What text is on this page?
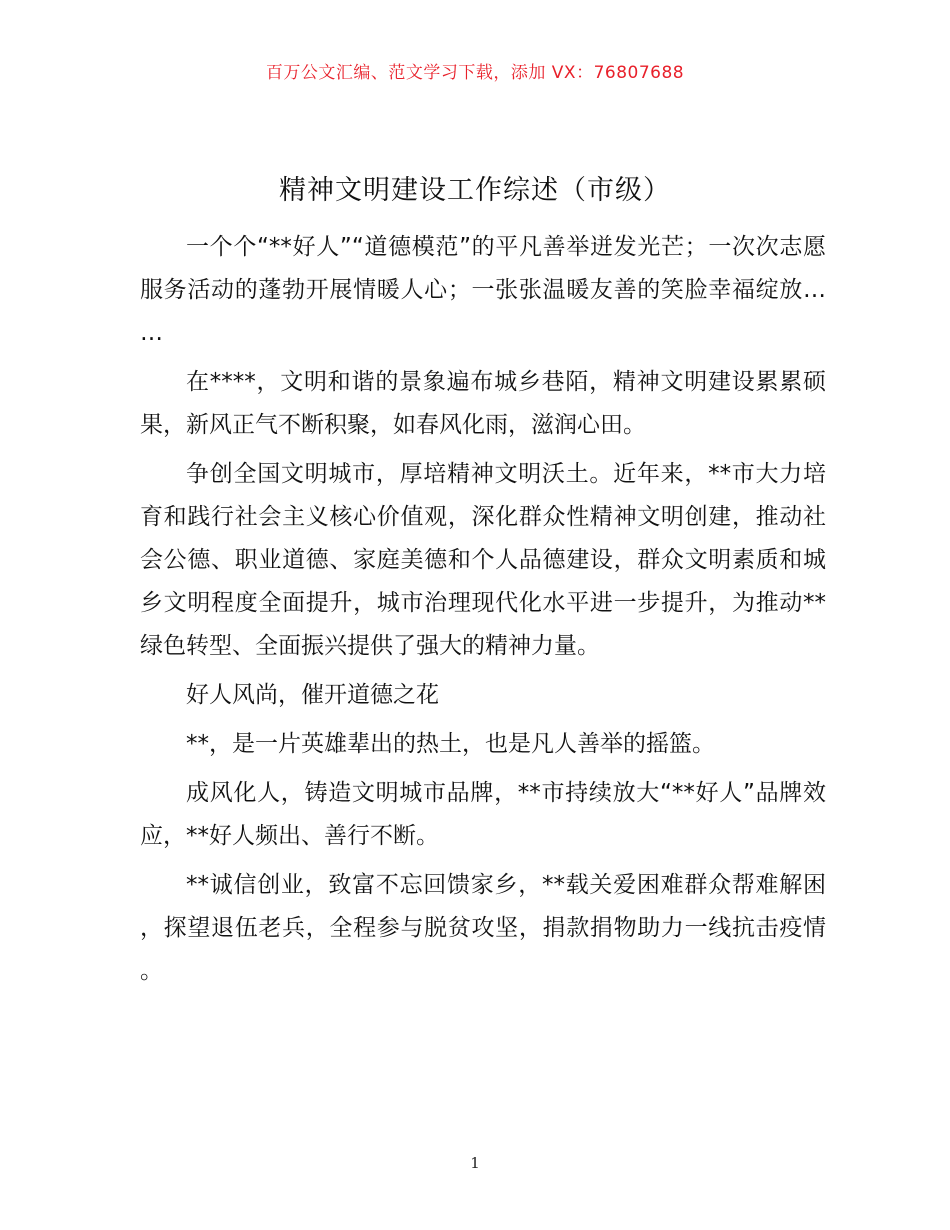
百万公文汇编、范文学习下载，添加 VX：76807688
精神文明建设工作综述（市级）

一个个“**好人”“道德模范”的平凡善举迸发光芒；一次次志愿服务活动的蓬勃开展情暖人心；一张张温暖友善的笑脸幸福绽放……

在****，文明和谐的景象遍布城乡巷陌，精神文明建设累累硕果，新风正气不断积聚，如春风化雨，滋润心田。

争创全国文明城市，厚培精神文明沃土。近年来，**市大力培育和践行社会主义核心价值观，深化群众性精神文明创建，推动社会公德、职业道德、家庭美德和个人品德建设，群众文明素质和城乡文明程度全面提升，城市治理现代化水平进一步提升，为推动**绿色转型、全面振兴提供了强大的精神力量。

好人风尚，催开道德之花

**，是一片英雄辈出的热土，也是凡人善举的摇篮。

成风化人，铸造文明城市品牌，**市持续放大“**好人”品牌效应，**好人频出、善行不断。

**诚信创业，致富不忘回馈家乡，**载关爱困难群众帮难解困，探望退伍老兵，全程参与脱贫攻坚，捐款捐物助力一线抗击疫情。

1
